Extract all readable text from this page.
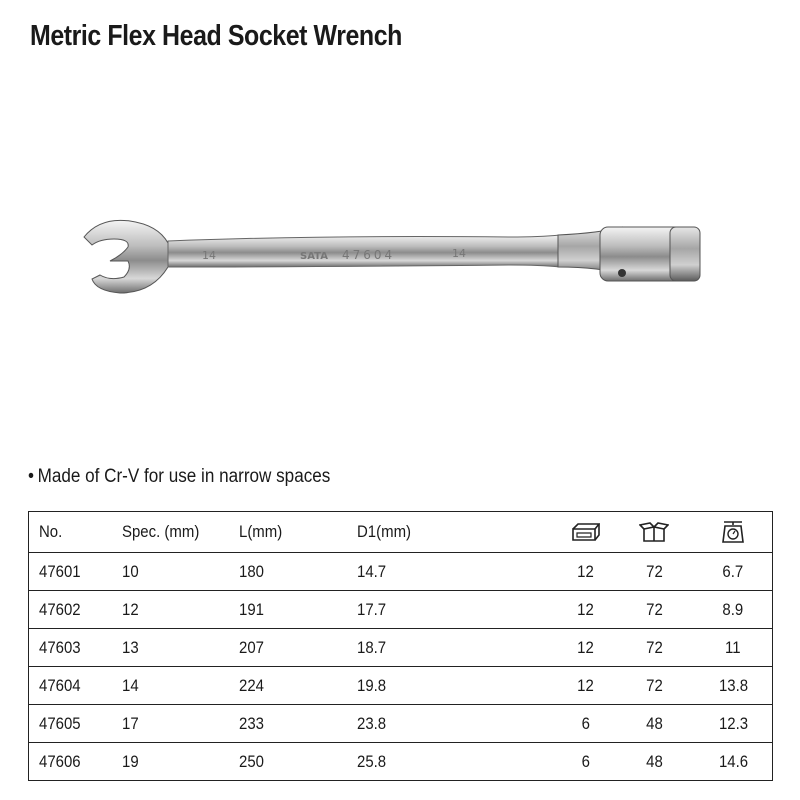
Metric Flex Head Socket Wrench
14	SATA 47604	14
• Made of Cr-V for use in narrow spaces
No.	Spec. (mm)	L(mm)	D1(mm)	

47601	10	180	14.7	12	72	6.7
47602	12	191	17.7	12	72	8.9
47603	13	207	18.7	12	72	11
47604	14	224	19.8	12	72	13.8
47605	17	233	23.8	6	48	12.3
47606	19	250	25.8	6	48	14.6
